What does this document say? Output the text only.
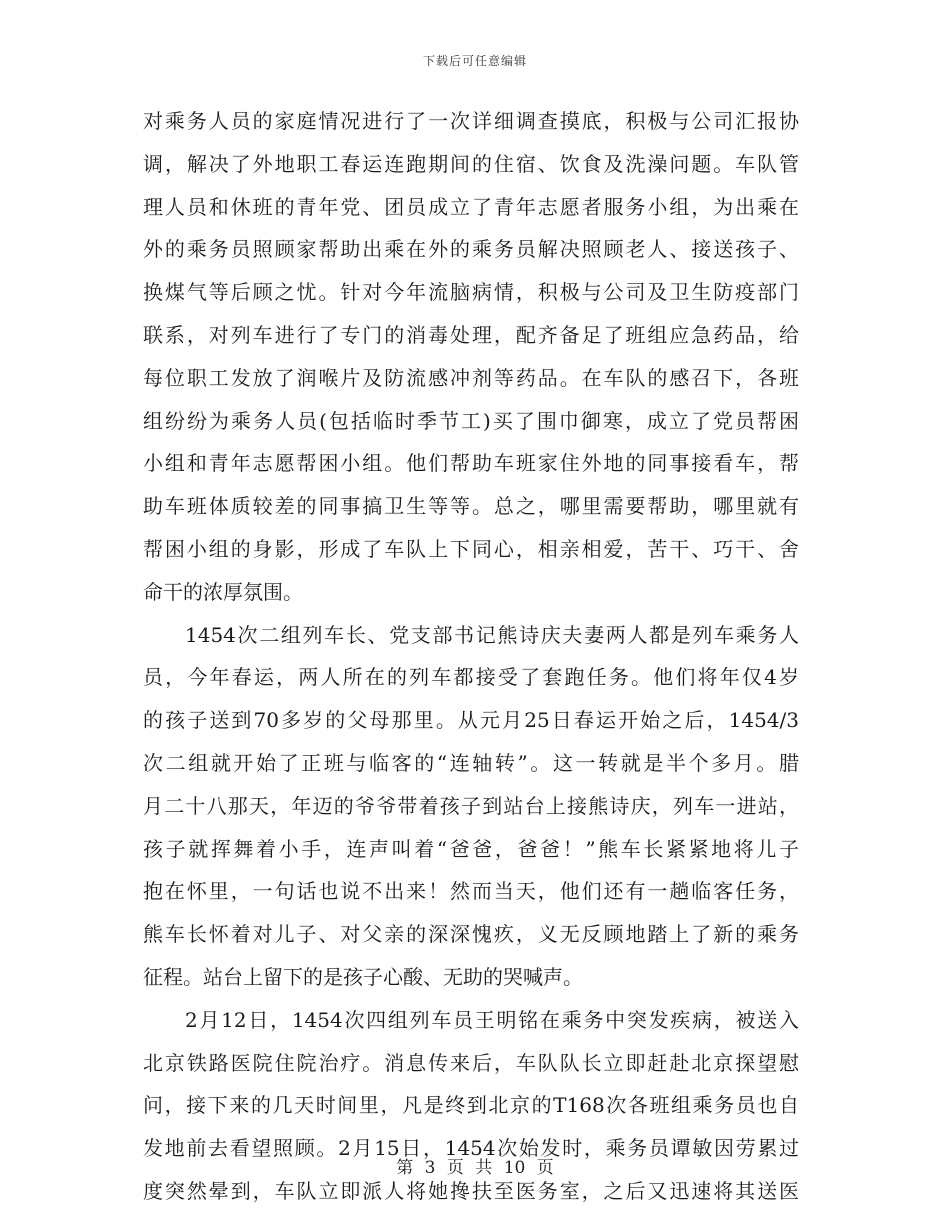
下载后可任意编辑
对乘务人员的家庭情况进行了一次详细调查摸底，积极与公司汇报协
调，解决了外地职工春运连跑期间的住宿、饮食及洗澡问题。车队管
理人员和休班的青年党、团员成立了青年志愿者服务小组，为出乘在
外的乘务员照顾家帮助出乘在外的乘务员解决照顾老人、接送孩子、
换煤气等后顾之忧。针对今年流脑病情，积极与公司及卫生防疫部门
联系，对列车进行了专门的消毒处理，配齐备足了班组应急药品，给
每位职工发放了润喉片及防流感冲剂等药品。在车队的感召下，各班
组纷纷为乘务人员(包括临时季节工)买了围巾御寒，成立了党员帮困
小组和青年志愿帮困小组。他们帮助车班家住外地的同事接看车，帮
助车班体质较差的同事搞卫生等等。总之，哪里需要帮助，哪里就有
帮困小组的身影，形成了车队上下同心，相亲相爱，苦干、巧干、舍
命干的浓厚氛围。
1454次二组列车长、党支部书记熊诗庆夫妻两人都是列车乘务人
员，今年春运，两人所在的列车都接受了套跑任务。他们将年仅4岁
的孩子送到70多岁的父母那里。从元月25日春运开始之后，1454/3
次二组就开始了正班与临客的“连轴转”。这一转就是半个多月。腊
月二十八那天，年迈的爷爷带着孩子到站台上接熊诗庆，列车一进站，
孩子就挥舞着小手，连声叫着“爸爸，爸爸！”熊车长紧紧地将儿子
抱在怀里，一句话也说不出来！然而当天，他们还有一趟临客任务，
熊车长怀着对儿子、对父亲的深深愧疚，义无反顾地踏上了新的乘务
征程。站台上留下的是孩子心酸、无助的哭喊声。
2月12日，1454次四组列车员王明铭在乘务中突发疾病，被送入
北京铁路医院住院治疗。消息传来后，车队队长立即赶赴北京探望慰
问，接下来的几天时间里，凡是终到北京的T168次各班组乘务员也自
发地前去看望照顾。2月15日，1454次始发时，乘务员谭敏因劳累过
度突然晕到，车队立即派人将她搀扶至医务室，之后又迅速将其送医
第 3 页 共 10 页
